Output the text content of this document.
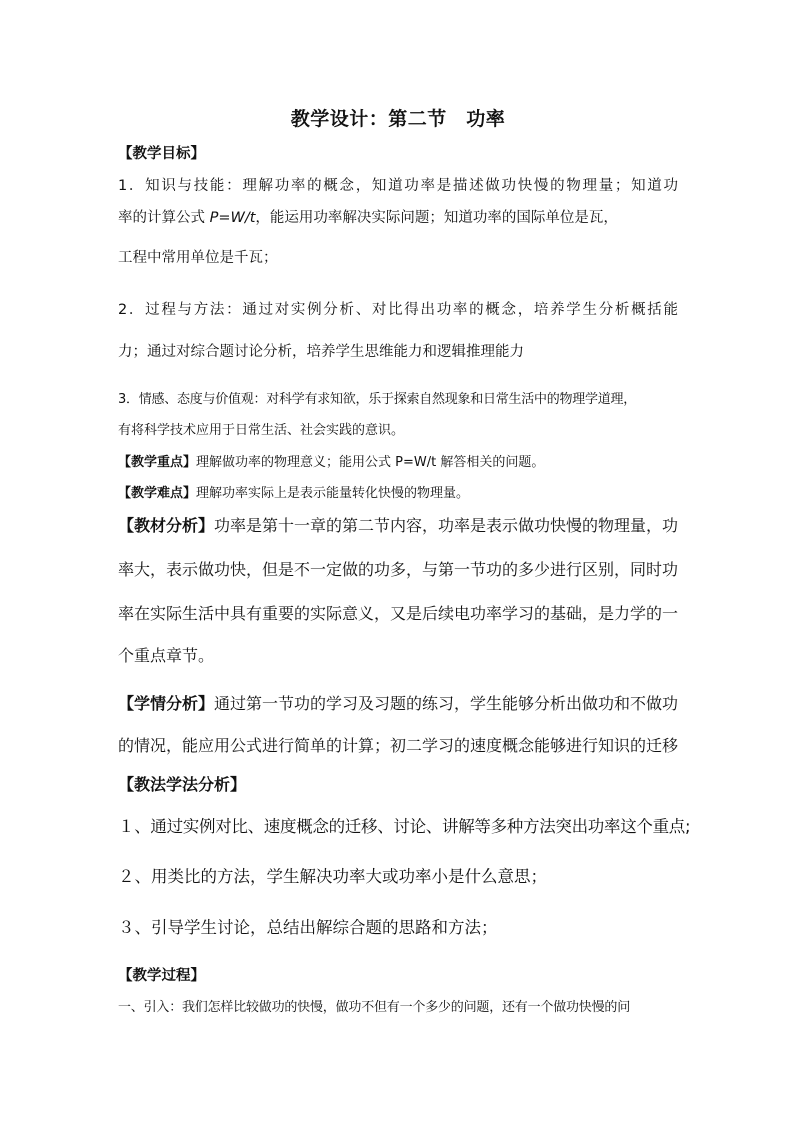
教学设计：第二节　功率
【教学目标】
1．知识与技能：理解功率的概念，知道功率是描述做功快慢的物理量；知道功
率的计算公式 P=W/t，能运用功率解决实际问题；知道功率的国际单位是瓦，
工程中常用单位是千瓦；
2．过程与方法：通过对实例分析、对比得出功率的概念，培养学生分析概括能
力；通过对综合题讨论分析，培养学生思维能力和逻辑推理能力
3．情感、态度与价值观：对科学有求知欲，乐于探索自然现象和日常生活中的物理学道理，
有将科学技术应用于日常生活、社会实践的意识。
【教学重点】理解做功率的物理意义；能用公式 P=W/t 解答相关的问题。
【教学难点】理解功率实际上是表示能量转化快慢的物理量。
【教材分析】功率是第十一章的第二节内容，功率是表示做功快慢的物理量，功
率大，表示做功快，但是不一定做的功多，与第一节功的多少进行区别，同时功
率在实际生活中具有重要的实际意义，又是后续电功率学习的基础，是力学的一
个重点章节。
【学情分析】通过第一节功的学习及习题的练习，学生能够分析出做功和不做功
的情况，能应用公式进行简单的计算；初二学习的速度概念能够进行知识的迁移
【教法学法分析】
１、通过实例对比、速度概念的迁移、讨论、讲解等多种方法突出功率这个重点;
２、用类比的方法，学生解决功率大或功率小是什么意思；
３、引导学生讨论，总结出解综合题的思路和方法；
【教学过程】
一、引入：我们怎样比较做功的快慢，做功不但有一个多少的问题，还有一个做功快慢的问
